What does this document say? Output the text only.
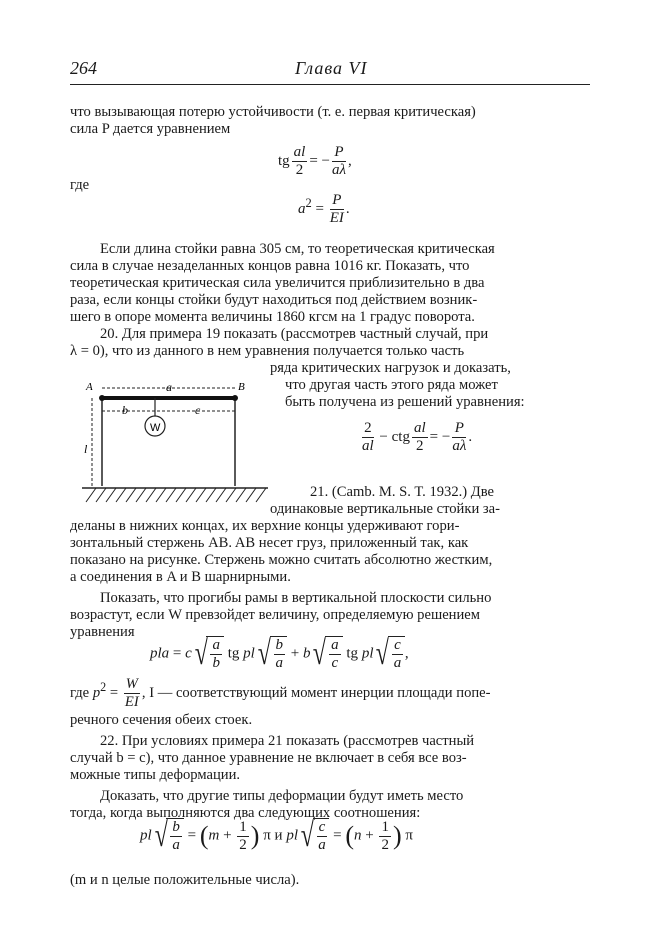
264	Глава VI

что вызывающая потерю устойчивости (т. е. первая критическая)

сила P дается уравнением

tg $\frac{al}{2}$ = − $\frac{P}{a\lambda}$ ,

где

$a^2 = \frac{P}{EI}$ .

Если длина стойки равна 305 см, то теоретическая критическая

сила в случае незаделанных концов равна 1016 кг. Показать, что

теоретическая критическая сила увеличится приблизительно в два

раза, если концы стойки будут находиться под действием возник-

шего в опоре момента величины 1860 кгсм на 1 градус поворота.

20. Для примера 19 показать (рассмотрев частный случай, при

λ = 0), что из данного в нем уравнения получается только часть

ряда критических нагрузок и доказать,

что другая часть этого ряда может

быть получена из решений уравнения:

W
a
A	B
b	c
l	$\frac{2}{al}$ − ctg $\frac{al}{2}$ = − $\frac{P}{a\lambda}$ .

21. (Camb. M. S. T. 1932.) Две

одинаковые вертикальные стойки за-

деланы в нижних концах, их верхние концы удерживают гори-

зонтальный стержень AB. AB несет груз, приложенный так, как

показано на рисунке. Стержень можно считать абсолютно жестким,

а соединения в A и B шарнирными.

Показать, что прогибы рамы в вертикальной плоскости сильно

возрастут, если W превзойдет величину, определяемую решением

уравнения

pla = $c√ \frac{a}{b}$ tg $pl√ \frac{b}{a} + b√ \frac{a}{c}$ tg $pl√ \frac{c}{a}$ ,
где $p^2 = \frac{W}{EI}$ , I — соответствующий момент инерции площади попе-

речного сечения обеих стоек.

22. При условиях примера 21 показать (рассмотрев частный

случай b = c), что данное уравнение не включает в себя все воз-

можные типы деформации.

Доказать, что другие типы деформации будут иметь место

тогда, когда выполняются два следующих соотношения:

$pl√ \frac{b}{a} = (m + \frac{1}{2}$ ) π и $pl√ \frac{c}{a} = (n + \frac{1}{2}$ ) π

(m и n целые положительные числа).
